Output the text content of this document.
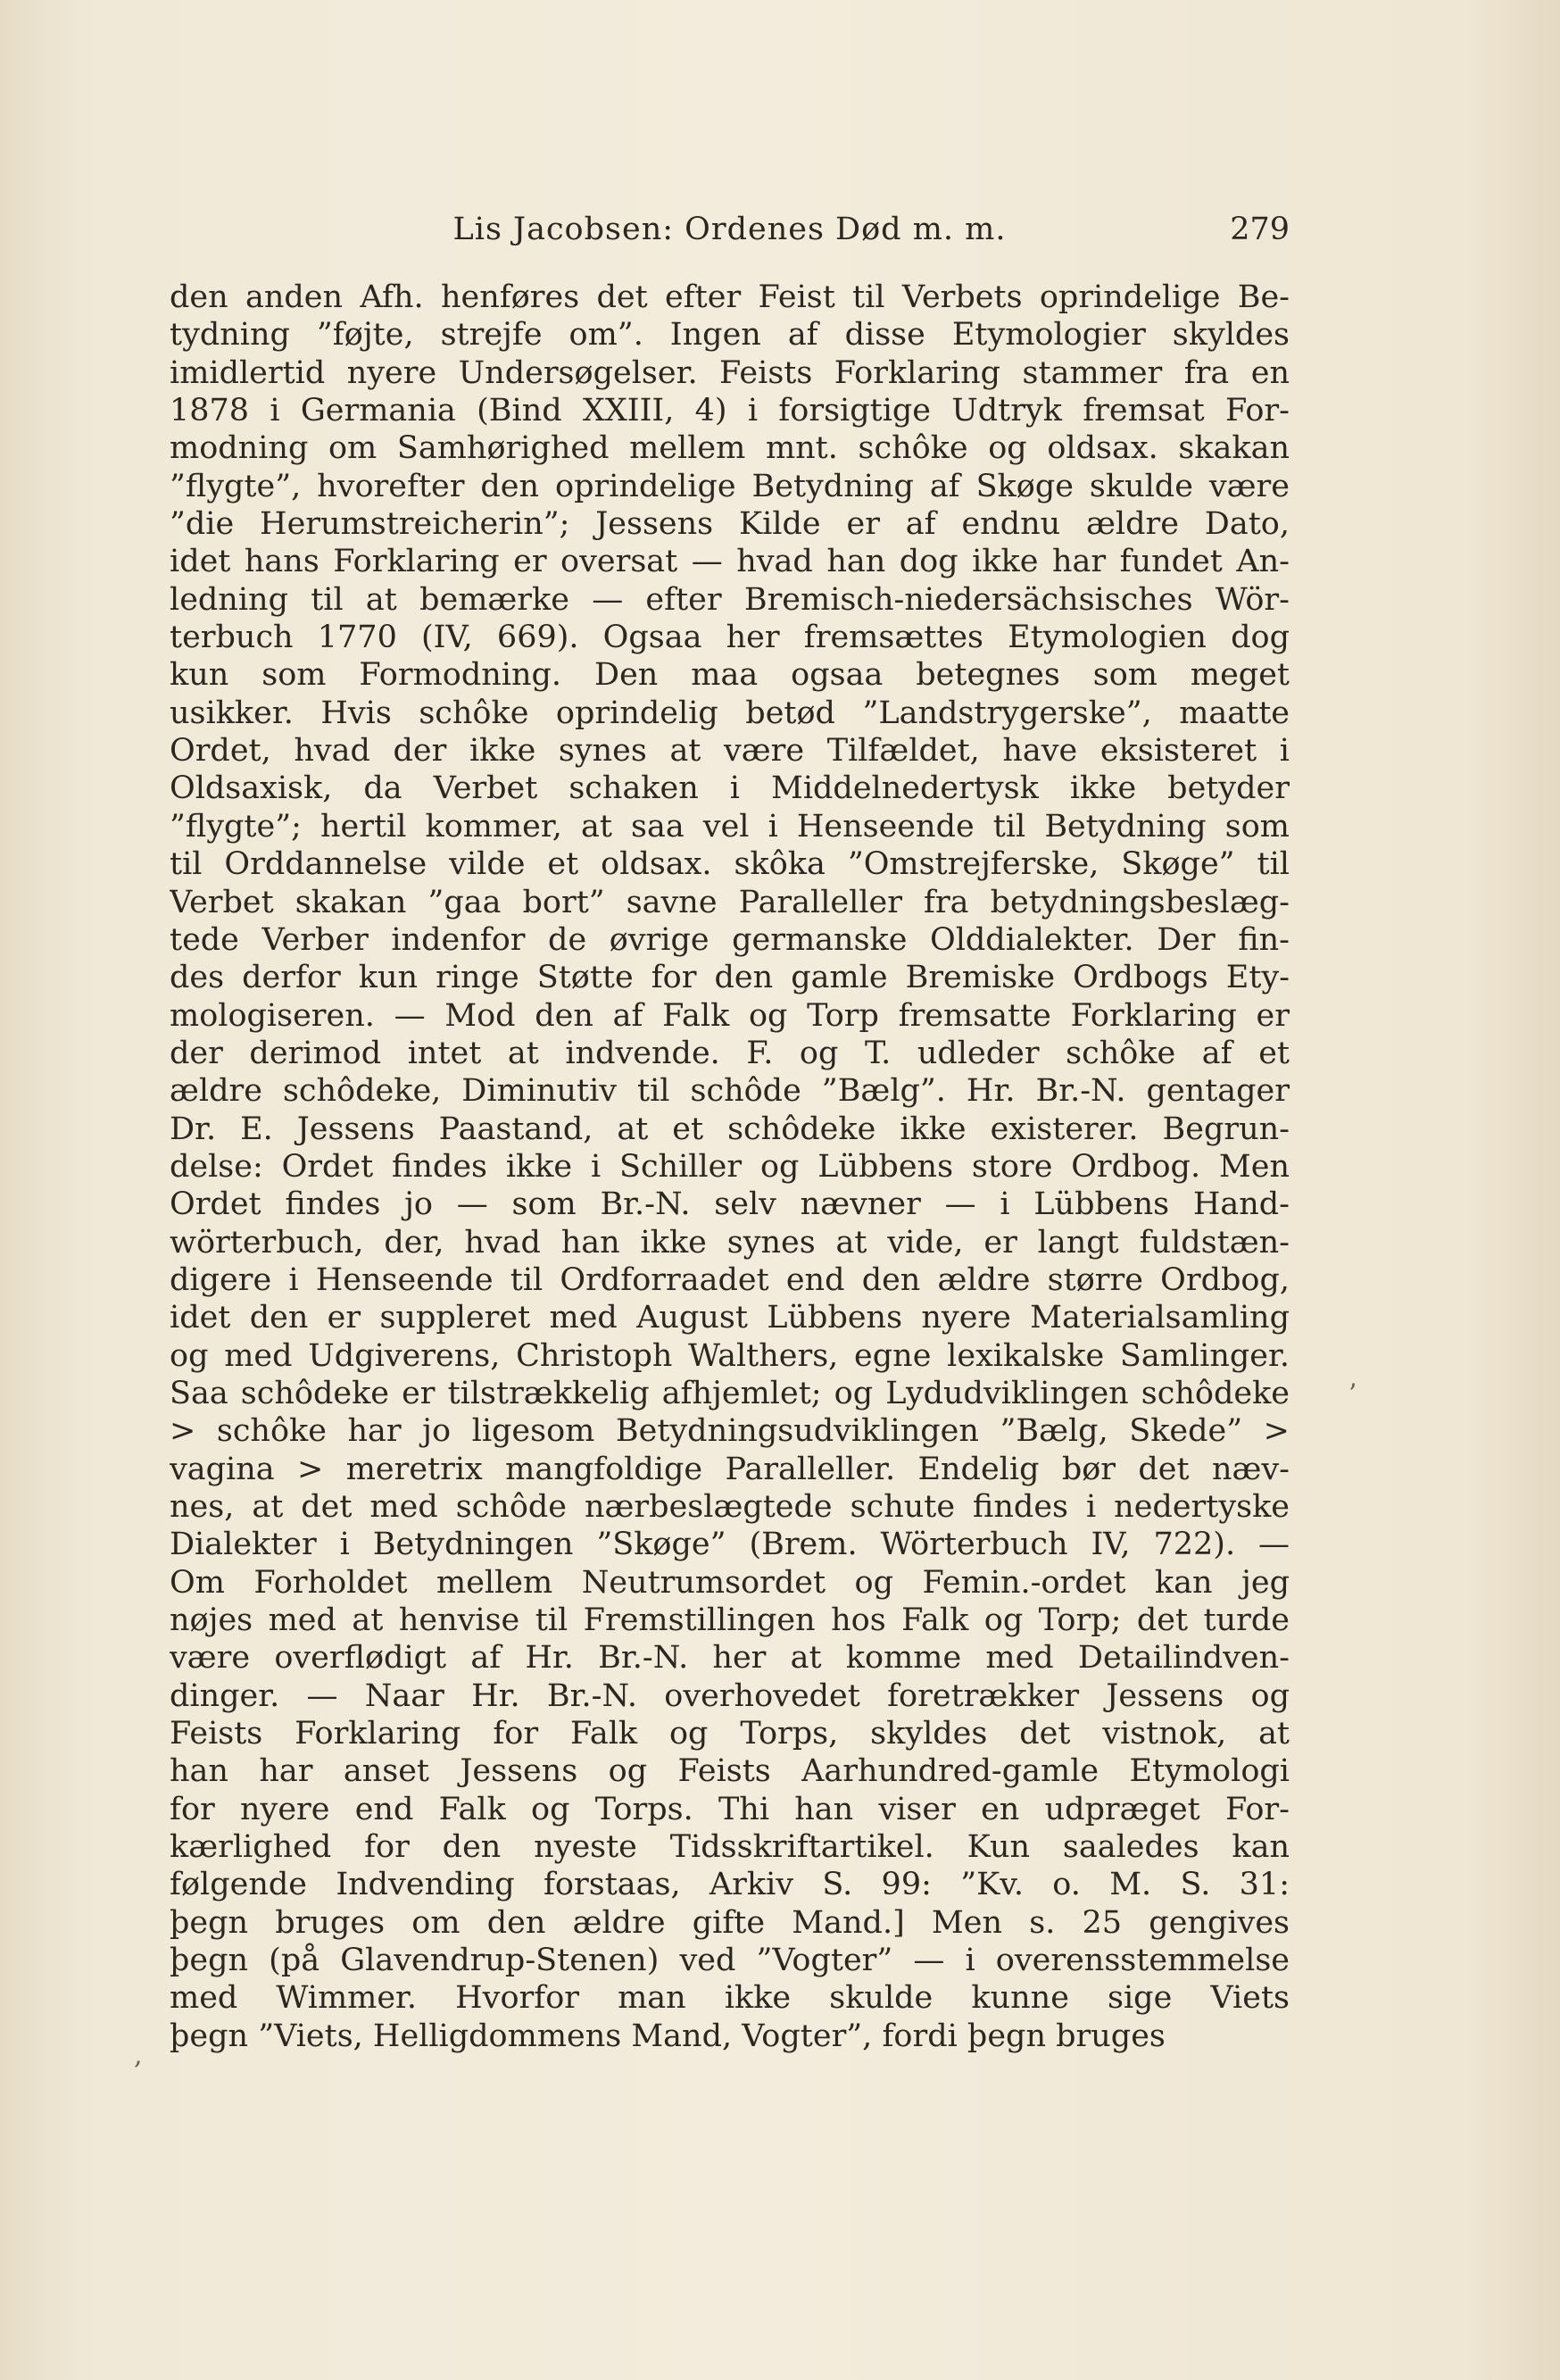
Lis Jacobsen: Ordenes Død m. m.	279
den anden Afh. henføres det efter Feist til Verbets oprindelige Be-
tydning ”føjte, strejfe om”. Ingen af disse Etymologier skyldes
imidlertid nyere Undersøgelser. Feists Forklaring stammer fra en
1878 i Germania (Bind XXIII, 4) i forsigtige Udtryk fremsat For-
modning om Samhørighed mellem mnt. schôke og oldsax. skakan
”flygte”, hvorefter den oprindelige Betydning af Skøge skulde være
”die Herumstreicherin”; Jessens Kilde er af endnu ældre Dato,
idet hans Forklaring er oversat — hvad han dog ikke har fundet An-
ledning til at bemærke — efter Bremisch-niedersächsisches Wör-
terbuch 1770 (IV, 669). Ogsaa her fremsættes Etymologien dog
kun som Formodning. Den maa ogsaa betegnes som meget
usikker. Hvis schôke oprindelig betød ”Landstrygerske”, maatte
Ordet, hvad der ikke synes at være Tilfældet, have eksisteret i
Oldsaxisk, da Verbet schaken i Middelnedertysk ikke betyder
”flygte”; hertil kommer, at saa vel i Henseende til Betydning som
til Orddannelse vilde et oldsax. skôka ”Omstrejferske, Skøge” til
Verbet skakan ”gaa bort” savne Paralleller fra betydningsbeslæg-
tede Verber indenfor de øvrige germanske Olddialekter. Der fin-
des derfor kun ringe Støtte for den gamle Bremiske Ordbogs Ety-
mologiseren. — Mod den af Falk og Torp fremsatte Forklaring er
der derimod intet at indvende. F. og T. udleder schôke af et
ældre schôdeke, Diminutiv til schôde ”Bælg”. Hr. Br.-N. gentager
Dr. E. Jessens Paastand, at et schôdeke ikke existerer. Begrun-
delse: Ordet findes ikke i Schiller og Lübbens store Ordbog. Men
Ordet findes jo — som Br.-N. selv nævner — i Lübbens Hand-
wörterbuch, der, hvad han ikke synes at vide, er langt fuldstæn-
digere i Henseende til Ordforraadet end den ældre større Ordbog,
idet den er suppleret med August Lübbens nyere Materialsamling
og med Udgiverens, Christoph Walthers, egne lexikalske Samlinger.
Saa schôdeke er tilstrækkelig afhjemlet; og Lydudviklingen schôdeke
> schôke har jo ligesom Betydningsudviklingen ”Bælg, Skede” >
vagina > meretrix mangfoldige Paralleller. Endelig bør det næv-
nes, at det med schôde nærbeslægtede schute findes i nedertyske
Dialekter i Betydningen ”Skøge” (Brem. Wörterbuch IV, 722). —
Om Forholdet mellem Neutrumsordet og Femin.-ordet kan jeg
nøjes med at henvise til Fremstillingen hos Falk og Torp; det turde
være overflødigt af Hr. Br.-N. her at komme med Detailindven-
dinger. — Naar Hr. Br.-N. overhovedet foretrækker Jessens og
Feists Forklaring for Falk og Torps, skyldes det vistnok, at
han har anset Jessens og Feists Aarhundred-gamle Etymologi
for nyere end Falk og Torps. Thi han viser en udpræget For-
kærlighed for den nyeste Tidsskriftartikel. Kun saaledes kan
følgende Indvending forstaas, Arkiv S. 99: ”Kv. o. M. S. 31:
þegn bruges om den ældre gifte Mand.] Men s. 25 gengives
þegn (på Glavendrup-Stenen) ved ”Vogter” — i overensstemmelse
med Wimmer. Hvorfor man ikke skulde kunne sige Viets
þegn ”Viets, Helligdommens Mand, Vogter”, fordi þegn bruges
ʼ
,
